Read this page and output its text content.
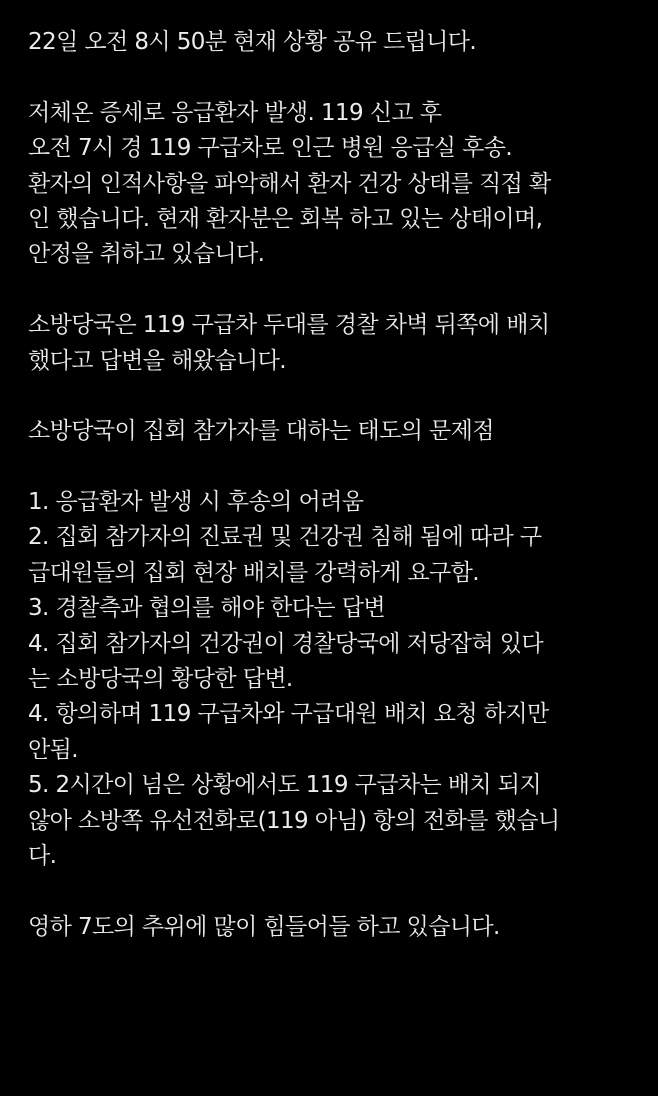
22일 오전 8시 50분 현재 상황 공유 드립니다.
저체온 증세로 응급환자 발생. 119 신고 후
오전 7시 경 119 구급차로 인근 병원 응급실 후송.
환자의 인적사항을 파악해서 환자 건강 상태를 직접 확
인 했습니다. 현재 환자분은 회복 하고 있는 상태이며,
안정을 취하고 있습니다.
소방당국은 119 구급차 두대를 경찰 차벽 뒤쪽에 배치
했다고 답변을 해왔습니다.
소방당국이 집회 참가자를 대하는 태도의 문제점
1. 응급환자 발생 시 후송의 어려움
2. 집회 참가자의 진료권 및 건강권 침해 됨에 따라 구
급대원들의 집회 현장 배치를 강력하게 요구함.
3. 경찰측과 협의를 해야 한다는 답변
4. 집회 참가자의 건강권이 경찰당국에 저당잡혀 있다
는 소방당국의 황당한 답변.
4. 항의하며 119 구급차와 구급대원 배치 요청 하지만
안됨.
5. 2시간이 넘은 상황에서도 119 구급차는 배치 되지
않아 소방쪽 유선전화로(119 아님) 항의 전화를 했습니
다.
영하 7도의 추위에 많이 힘들어들 하고 있습니다.
